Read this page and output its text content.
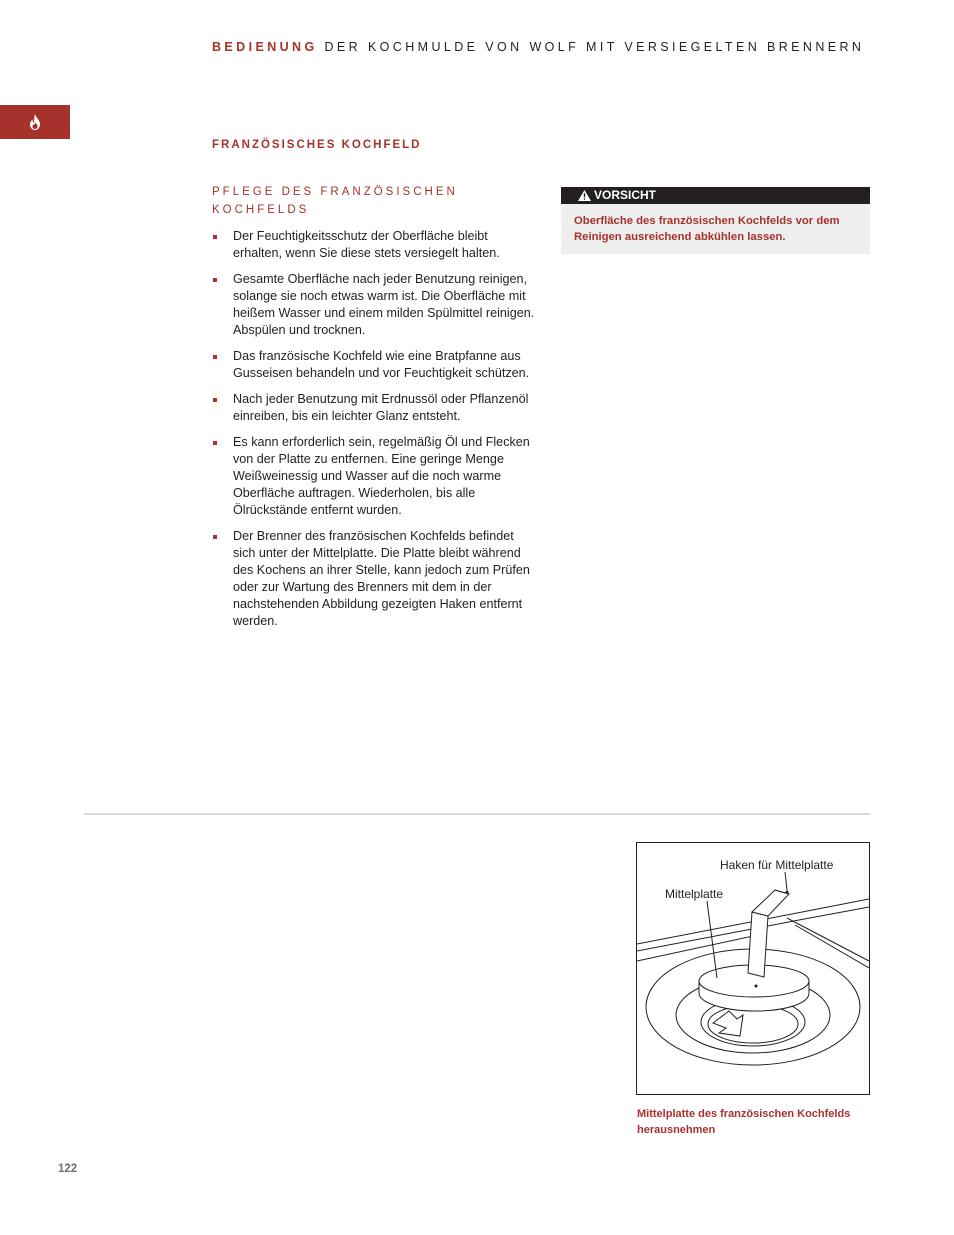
BEDIENUNG DER KOCHMULDE VON WOLF MIT VERSIEGELTEN BRENNERN
FRANZÖSISCHES KOCHFELD
PFLEGE DES FRANZÖSISCHEN KOCHFELDS
Der Feuchtigkeitsschutz der Oberfläche bleibt erhalten, wenn Sie diese stets versiegelt halten.
Gesamte Oberfläche nach jeder Benutzung reinigen, solange sie noch etwas warm ist. Die Oberfläche mit heißem Wasser und einem milden Spülmittel reinigen. Abspülen und trocknen.
Das französische Kochfeld wie eine Bratpfanne aus Gusseisen behandeln und vor Feuchtigkeit schützen.
Nach jeder Benutzung mit Erdnussöl oder Pflanzenöl einreiben, bis ein leichter Glanz entsteht.
Es kann erforderlich sein, regelmäßig Öl und Flecken von der Platte zu entfernen. Eine geringe Menge Weißweinessig und Wasser auf die noch warme Oberfläche auftragen. Wiederholen, bis alle Ölrückstände entfernt wurden.
Der Brenner des französischen Kochfelds befindet sich unter der Mittelplatte. Die Platte bleibt während des Kochens an ihrer Stelle, kann jedoch zum Prüfen oder zur Wartung des Brenners mit dem in der nachstehenden Abbildung gezeigten Haken entfernt werden.
VORSICHT
Oberfläche des französischen Kochfelds vor dem Reinigen ausreichend abkühlen lassen.
Haken für Mittelplatte
Mittelplatte
Mittelplatte des französischen Kochfelds herausnehmen
122
